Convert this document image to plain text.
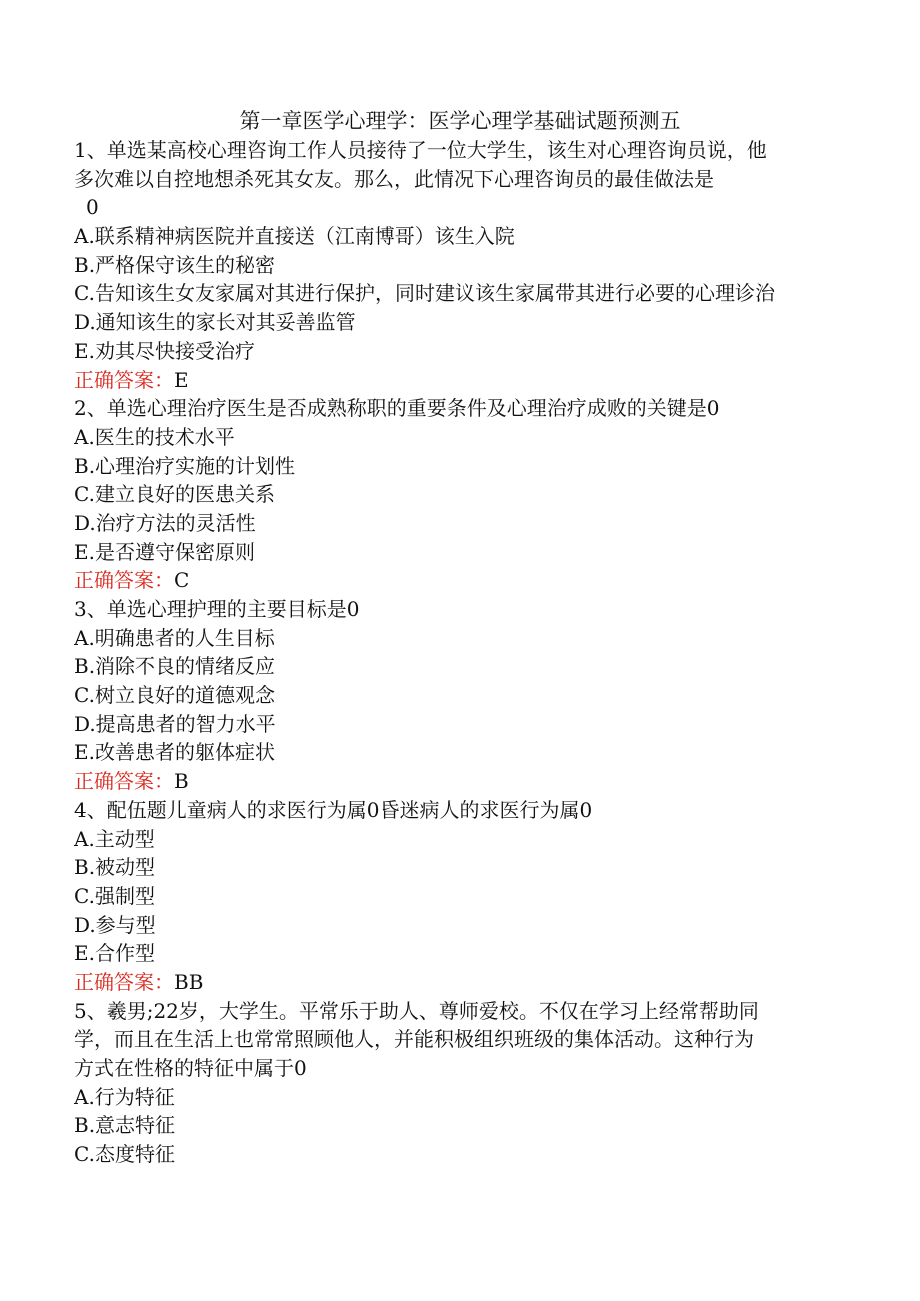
第一章医学心理学：医学心理学基础试题预测五
1、单选某高校心理咨询工作人员接待了一位大学生，该生对心理咨询员说，他
多次难以自控地想杀死其女友。那么，此情况下心理咨询员的最佳做法是
0
A.联系精神病医院并直接送（江南博哥）该生入院
B.严格保守该生的秘密
C.告知该生女友家属对其进行保护，同时建议该生家属带其进行必要的心理诊治
D.通知该生的家长对其妥善监管
E.劝其尽快接受治疗
正确答案：E
2、单选心理治疗医生是否成熟称职的重要条件及心理治疗成败的关键是0
A.医生的技术水平
B.心理治疗实施的计划性
C.建立良好的医患关系
D.治疗方法的灵活性
E.是否遵守保密原则
正确答案：C
3、单选心理护理的主要目标是0
A.明确患者的人生目标
B.消除不良的情绪反应
C.树立良好的道德观念
D.提高患者的智力水平
E.改善患者的躯体症状
正确答案：B
4、配伍题儿童病人的求医行为属0昏迷病人的求医行为属0
A.主动型
B.被动型
C.强制型
D.参与型
E.合作型
正确答案：BB
5、羲男;22岁，大学生。平常乐于助人、尊师爱校。不仅在学习上经常帮助同
学，而且在生活上也常常照顾他人，并能积极组织班级的集体活动。这种行为
方式在性格的特征中属于0
A.行为特征
B.意志特征
C.态度特征
